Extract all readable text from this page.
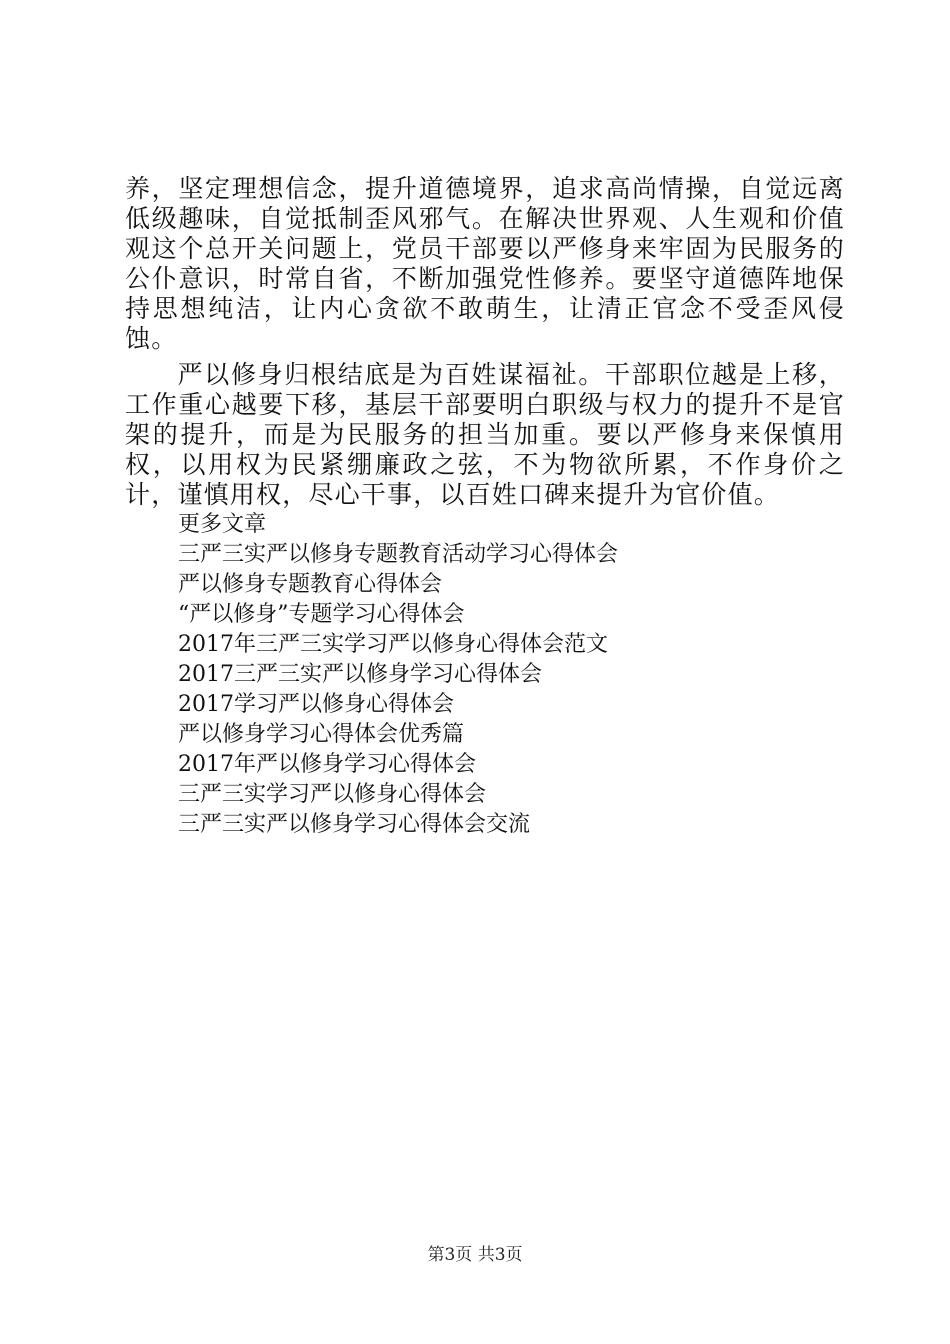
养，坚定理想信念，提升道德境界，追求高尚情操，自觉远离低级趣味，自觉抵制歪风邪气。在解决世界观、人生观和价值观这个总开关问题上，党员干部要以严修身来牢固为民服务的公仆意识，时常自省，不断加强党性修养。要坚守道德阵地保持思想纯洁，让内心贪欲不敢萌生，让清正官念不受歪风侵蚀。

严以修身归根结底是为百姓谋福祉。干部职位越是上移，工作重心越要下移，基层干部要明白职级与权力的提升不是官架的提升，而是为民服务的担当加重。要以严修身来保慎用权，以用权为民紧绷廉政之弦，不为物欲所累，不作身价之计，谨慎用权，尽心干事，以百姓口碑来提升为官价值。

更多文章
三严三实严以修身专题教育活动学习心得体会
严以修身专题教育心得体会
“严以修身”专题学习心得体会
2017年三严三实学习严以修身心得体会范文
2017三严三实严以修身学习心得体会
2017学习严以修身心得体会
严以修身学习心得体会优秀篇
2017年严以修身学习心得体会
三严三实学习严以修身心得体会
三严三实严以修身学习心得体会交流
第3页 共3页
